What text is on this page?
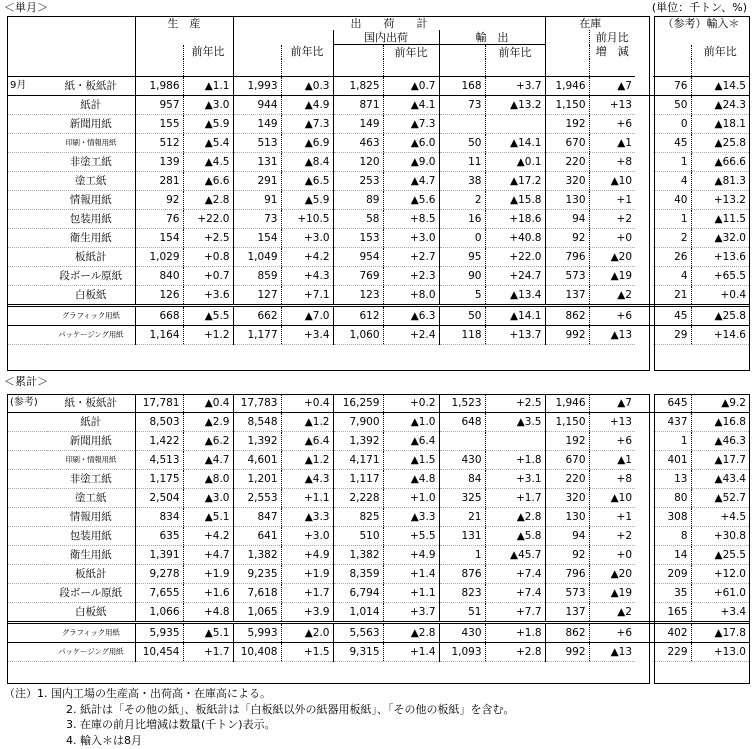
＜単月＞	(単位：千トン、%)
		生　産		出　　荷　　計						在庫			（参考）輸入＊	
						国内出荷		輸　出			前月比			
			前年比		前年比		前年比		前年比		増　減			前年比

9月	紙・板紙計	1,986	▲1.1	1,993	▲0.3	1,825	▲0.7	168	+3.7	1,946	▲7		76	▲14.5
	紙計	957	▲3.0	944	▲4.9	871	▲4.1	73	▲13.2	1,150	+13		50	▲24.3
	新聞用紙	155	▲5.9	149	▲7.3	149	▲7.3			192	+6		0	▲18.1
	印刷・情報用紙	512	▲5.4	513	▲6.9	463	▲6.0	50	▲14.1	670	▲1		45	▲25.8
	非塗工紙	139	▲4.5	131	▲8.4	120	▲9.0	11	▲0.1	220	+8		1	▲66.6
	塗工紙	281	▲6.6	291	▲6.5	253	▲4.7	38	▲17.2	320	▲10		4	▲81.3
	情報用紙	92	▲2.8	91	▲5.9	89	▲5.6	2	▲15.8	130	+1		40	+13.2
	包装用紙	76	+22.0	73	+10.5	58	+8.5	16	+18.6	94	+2		1	▲11.5
	衛生用紙	154	+2.5	154	+3.0	153	+3.0	0	+40.8	92	+0		2	▲32.0
	板紙計	1,029	+0.8	1,049	+4.2	954	+2.7	95	+22.0	796	▲20		26	+13.6
	段ボール原紙	840	+0.7	859	+4.3	769	+2.3	90	+24.7	573	▲19		4	+65.5
	白板紙	126	+3.6	127	+7.1	123	+8.0	5	▲13.4	137	▲2		21	+0.4
	グラフィック用紙	668	▲5.5	662	▲7.0	612	▲6.3	50	▲14.1	862	+6		45	▲25.8
	パッケージング用紙	1,164	+1.2	1,177	+3.4	1,060	+2.4	118	+13.7	992	▲13		29	+14.6
＜累計＞
(参考)	紙・板紙計	17,781	▲0.4	17,783	+0.4	16,259	+0.2	1,523	+2.5	1,946	▲7		645	▲9.2
	紙計	8,503	▲2.9	8,548	▲1.2	7,900	▲1.0	648	▲3.5	1,150	+13		437	▲16.8
	新聞用紙	1,422	▲6.2	1,392	▲6.4	1,392	▲6.4			192	+6		1	▲46.3
	印刷・情報用紙	4,513	▲4.7	4,601	▲1.2	4,171	▲1.5	430	+1.8	670	▲1		401	▲17.7
	非塗工紙	1,175	▲8.0	1,201	▲4.3	1,117	▲4.8	84	+3.1	220	+8		13	▲43.4
	塗工紙	2,504	▲3.0	2,553	+1.1	2,228	+1.0	325	+1.7	320	▲10		80	▲52.7
	情報用紙	834	▲5.1	847	▲3.3	825	▲3.3	21	▲2.8	130	+1		308	+4.5
	包装用紙	635	+4.2	641	+3.0	510	+5.5	131	▲5.8	94	+2		8	+30.8
	衛生用紙	1,391	+4.7	1,382	+4.9	1,382	+4.9	1	▲45.7	92	+0		14	▲25.5
	板紙計	9,278	+1.9	9,235	+1.9	8,359	+1.4	876	+7.4	796	▲20		209	+12.0
	段ボール原紙	7,655	+1.6	7,618	+1.7	6,794	+1.1	823	+7.4	573	▲19		35	+61.0
	白板紙	1,066	+4.8	1,065	+3.9	1,014	+3.7	51	+7.7	137	▲2		165	+3.4
	グラフィック用紙	5,935	▲5.1	5,993	▲2.0	5,563	▲2.8	430	+1.8	862	+6		402	▲17.8
	パッケージング用紙	10,454	+1.7	10,408	+1.5	9,315	+1.4	1,093	+2.8	992	▲13		229	+13.0
（注）1. 国内工場の生産高・出荷高・在庫高による。
2. 紙計は「その他の紙」、板紙計は「白板紙以外の紙器用板紙」、「その他の板紙」を含む。
3. 在庫の前月比増減は数量(千トン)表示。
4. 輸入＊は8月
